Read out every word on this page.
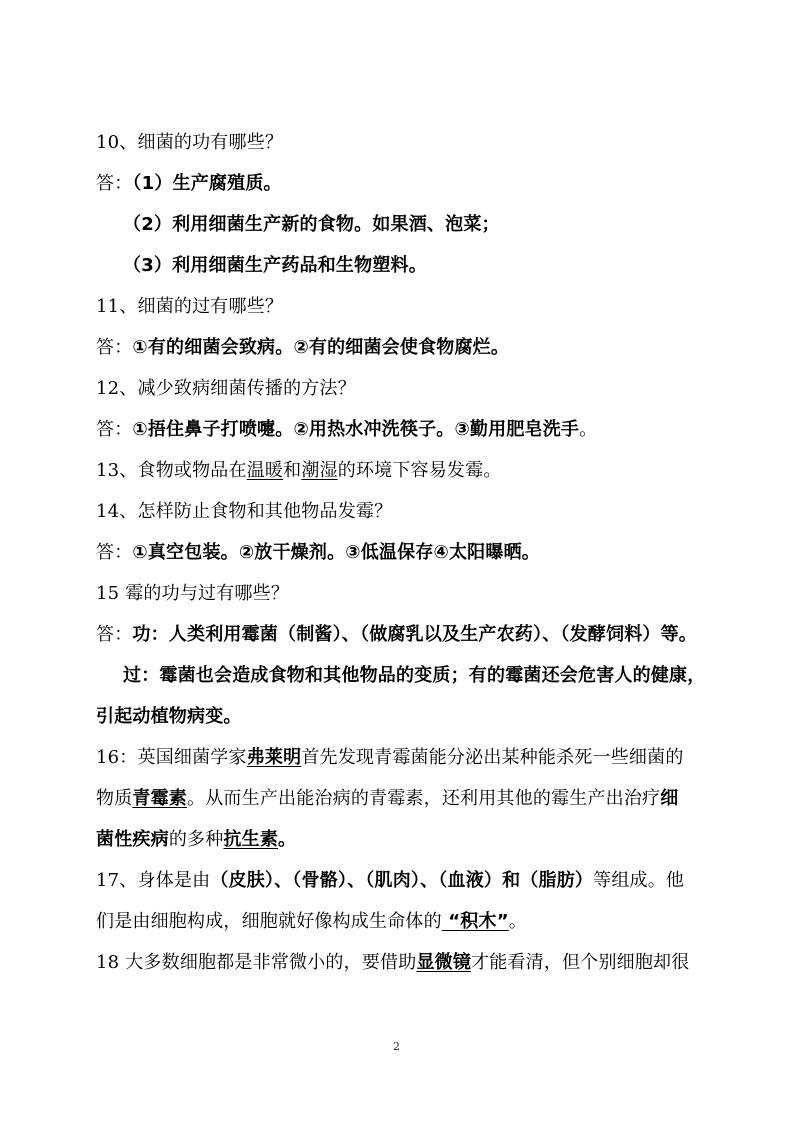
10、细菌的功有哪些？
答：（1）生产腐殖质。
（2）利用细菌生产新的食物。如果酒、泡菜；
（3）利用细菌生产药品和生物塑料。
11、细菌的过有哪些？
答：①有的细菌会致病。②有的细菌会使食物腐烂。
12、减少致病细菌传播的方法？
答：①捂住鼻子打喷嚏。②用热水冲洗筷子。③勤用肥皂洗手。
13、食物或物品在温暖和潮湿的环境下容易发霉。
14、怎样防止食物和其他物品发霉？
答：①真空包装。②放干燥剂。③低温保存④太阳曝晒。
15 霉的功与过有哪些？
答：功：人类利用霉菌（制酱）、（做腐乳以及生产农药）、（发酵饲料）等。
过：霉菌也会造成食物和其他物品的变质；有的霉菌还会危害人的健康，
引起动植物病变。
16：英国细菌学家弗莱明首先发现青霉菌能分泌出某种能杀死一些细菌的
物质青霉素。从而生产出能治病的青霉素，还利用其他的霉生产出治疗细
菌性疾病的多种抗生素。
17、身体是由（皮肤）、（骨骼）、（肌肉）、（血液）和（脂肪）等组成。他
们是由细胞构成，细胞就好像构成生命体的 “积木”。
18 大多数细胞都是非常微小的，要借助显微镜才能看清，但个别细胞却很
2
